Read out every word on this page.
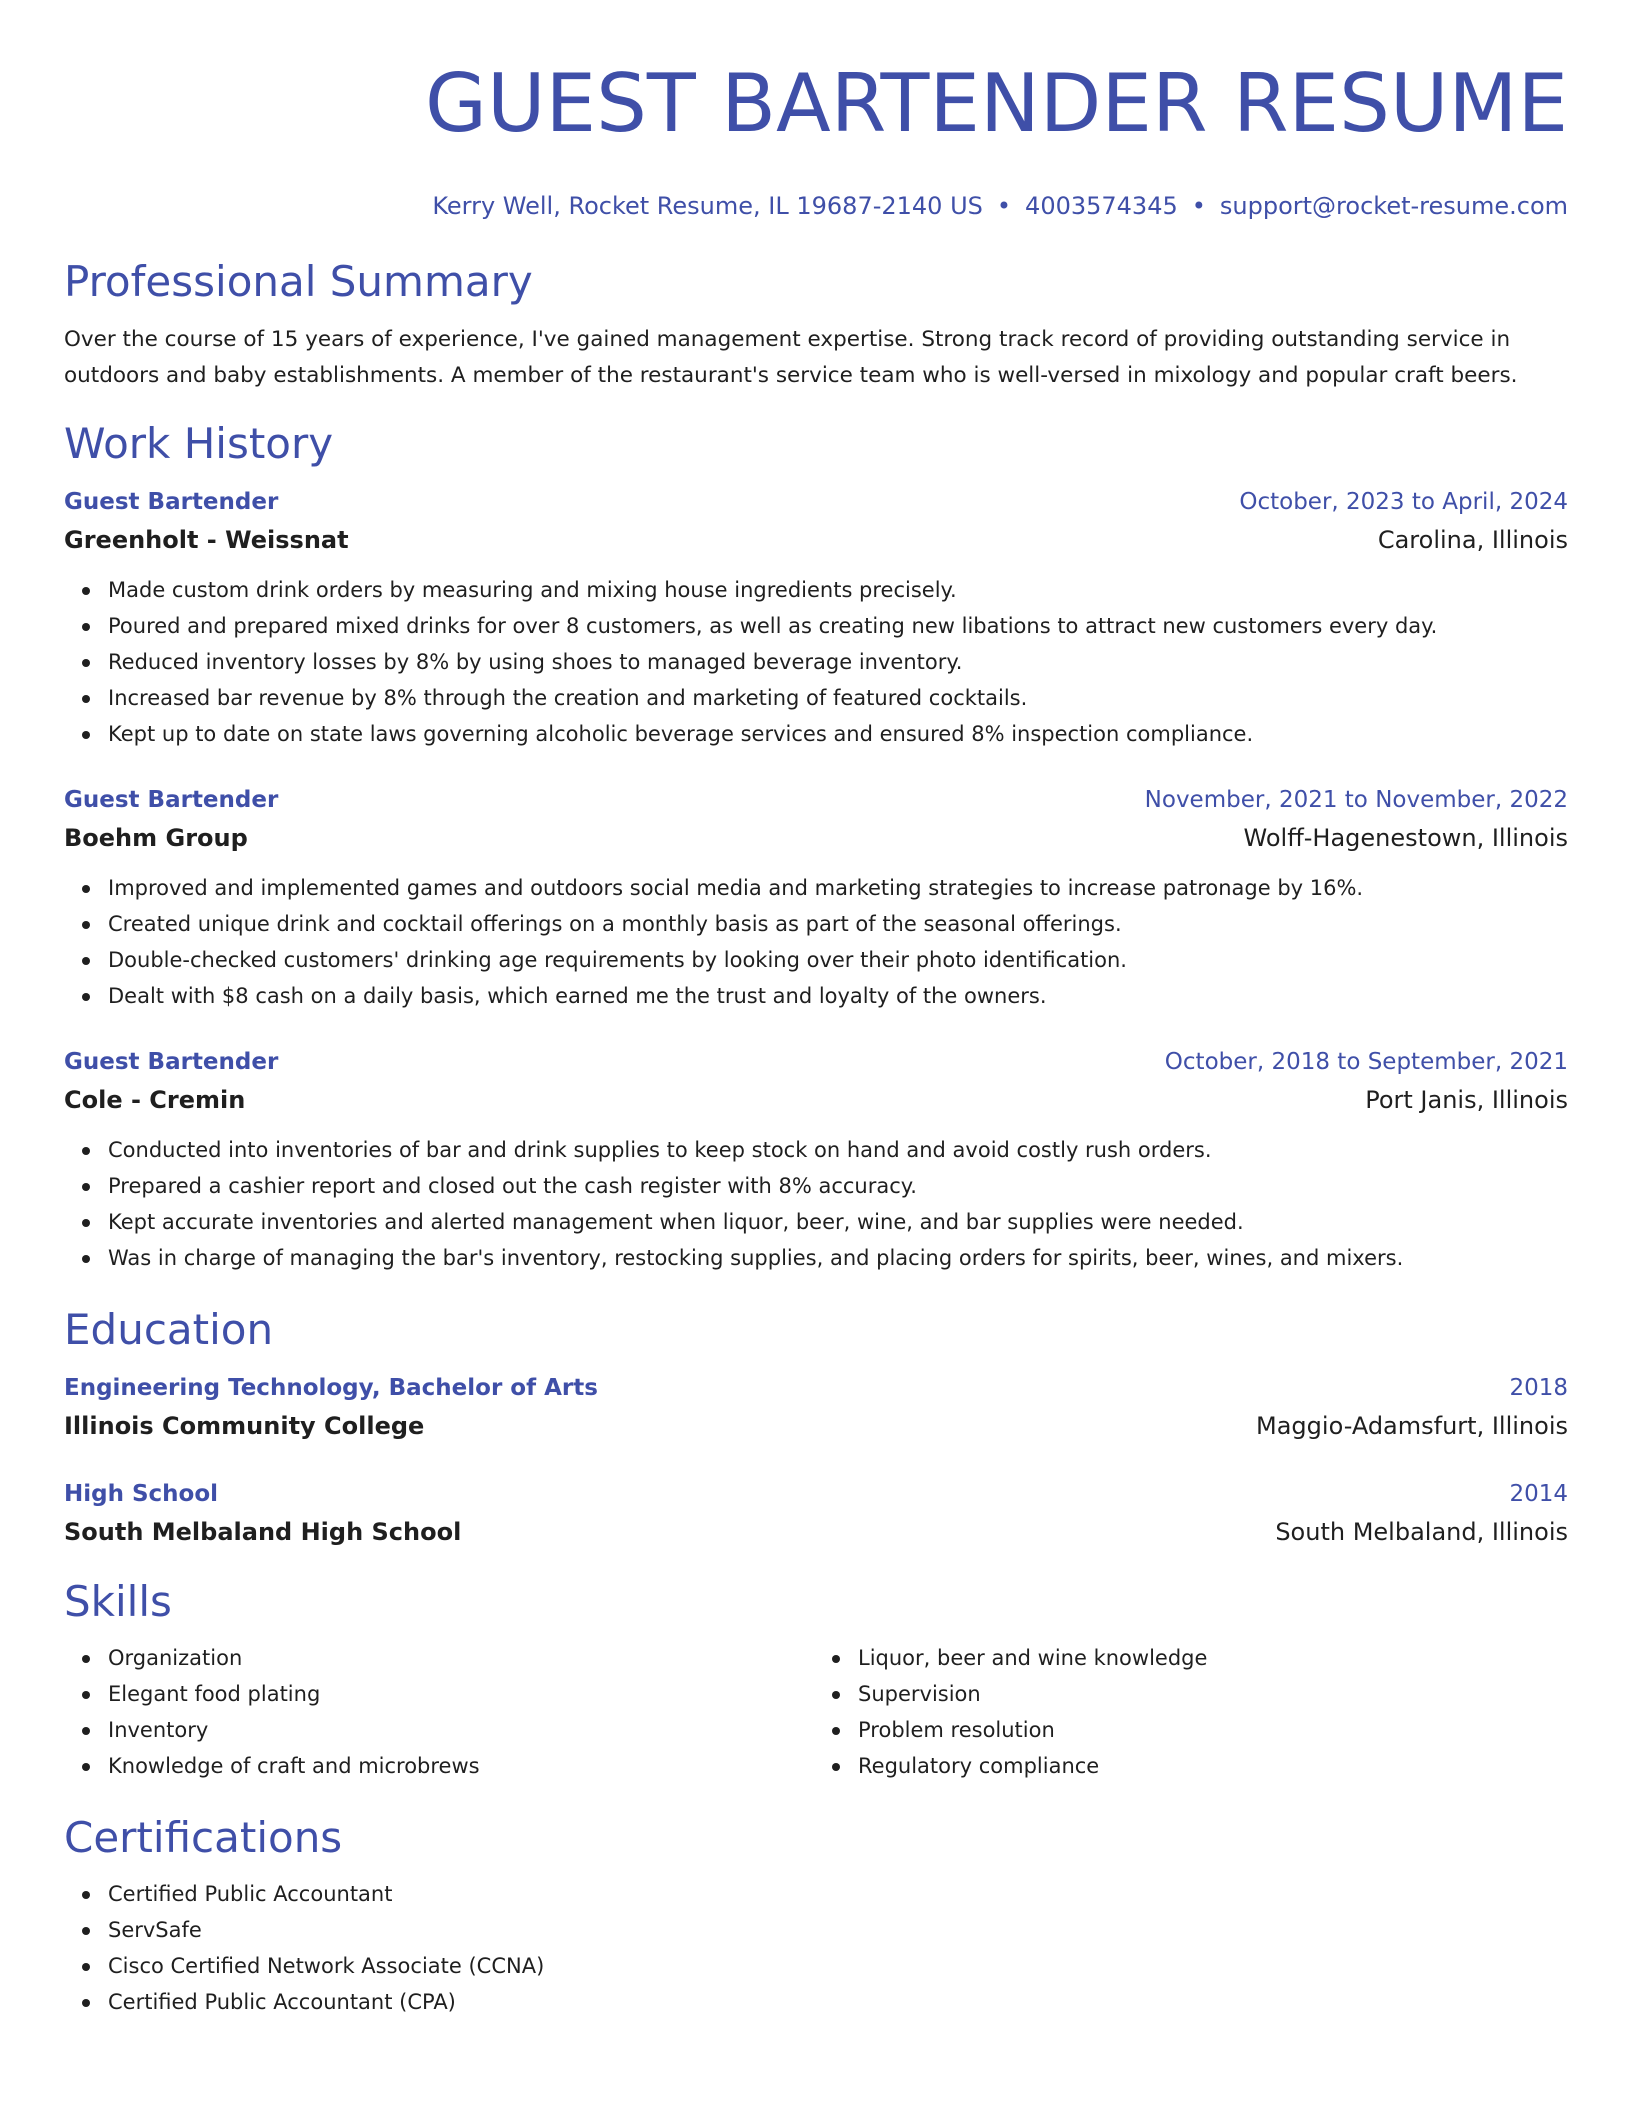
GUEST BARTENDER RESUME
Kerry Well, Rocket Resume, IL 19687-2140 US • 4003574345 • support@rocket-resume.com
Professional Summary
Over the course of 15 years of experience, I've gained management expertise. Strong track record of providing outstanding service in outdoors and baby establishments. A member of the restaurant's service team who is well-versed in mixology and popular craft beers.
Work History
Guest Bartender	October, 2023 to April, 2024
Greenholt - Weissnat	Carolina, Illinois
Made custom drink orders by measuring and mixing house ingredients precisely.
Poured and prepared mixed drinks for over 8 customers, as well as creating new libations to attract new customers every day.
Reduced inventory losses by 8% by using shoes to managed beverage inventory.
Increased bar revenue by 8% through the creation and marketing of featured cocktails.
Kept up to date on state laws governing alcoholic beverage services and ensured 8% inspection compliance.
Guest Bartender	November, 2021 to November, 2022
Boehm Group	Wolff-Hagenestown, Illinois
Improved and implemented games and outdoors social media and marketing strategies to increase patronage by 16%.
Created unique drink and cocktail offerings on a monthly basis as part of the seasonal offerings.
Double-checked customers' drinking age requirements by looking over their photo identification.
Dealt with $8 cash on a daily basis, which earned me the trust and loyalty of the owners.
Guest Bartender	October, 2018 to September, 2021
Cole - Cremin	Port Janis, Illinois
Conducted into inventories of bar and drink supplies to keep stock on hand and avoid costly rush orders.
Prepared a cashier report and closed out the cash register with 8% accuracy.
Kept accurate inventories and alerted management when liquor, beer, wine, and bar supplies were needed.
Was in charge of managing the bar's inventory, restocking supplies, and placing orders for spirits, beer, wines, and mixers.
Education
Engineering Technology, Bachelor of Arts	2018
Illinois Community College	Maggio-Adamsfurt, Illinois
High School	2014
South Melbaland High School	South Melbaland, Illinois
Skills
Organization
Elegant food plating
Inventory
Knowledge of craft and microbrews
Liquor, beer and wine knowledge
Supervision
Problem resolution
Regulatory compliance
Certifications
Certified Public Accountant
ServSafe
Cisco Certified Network Associate (CCNA)
Certified Public Accountant (CPA)
